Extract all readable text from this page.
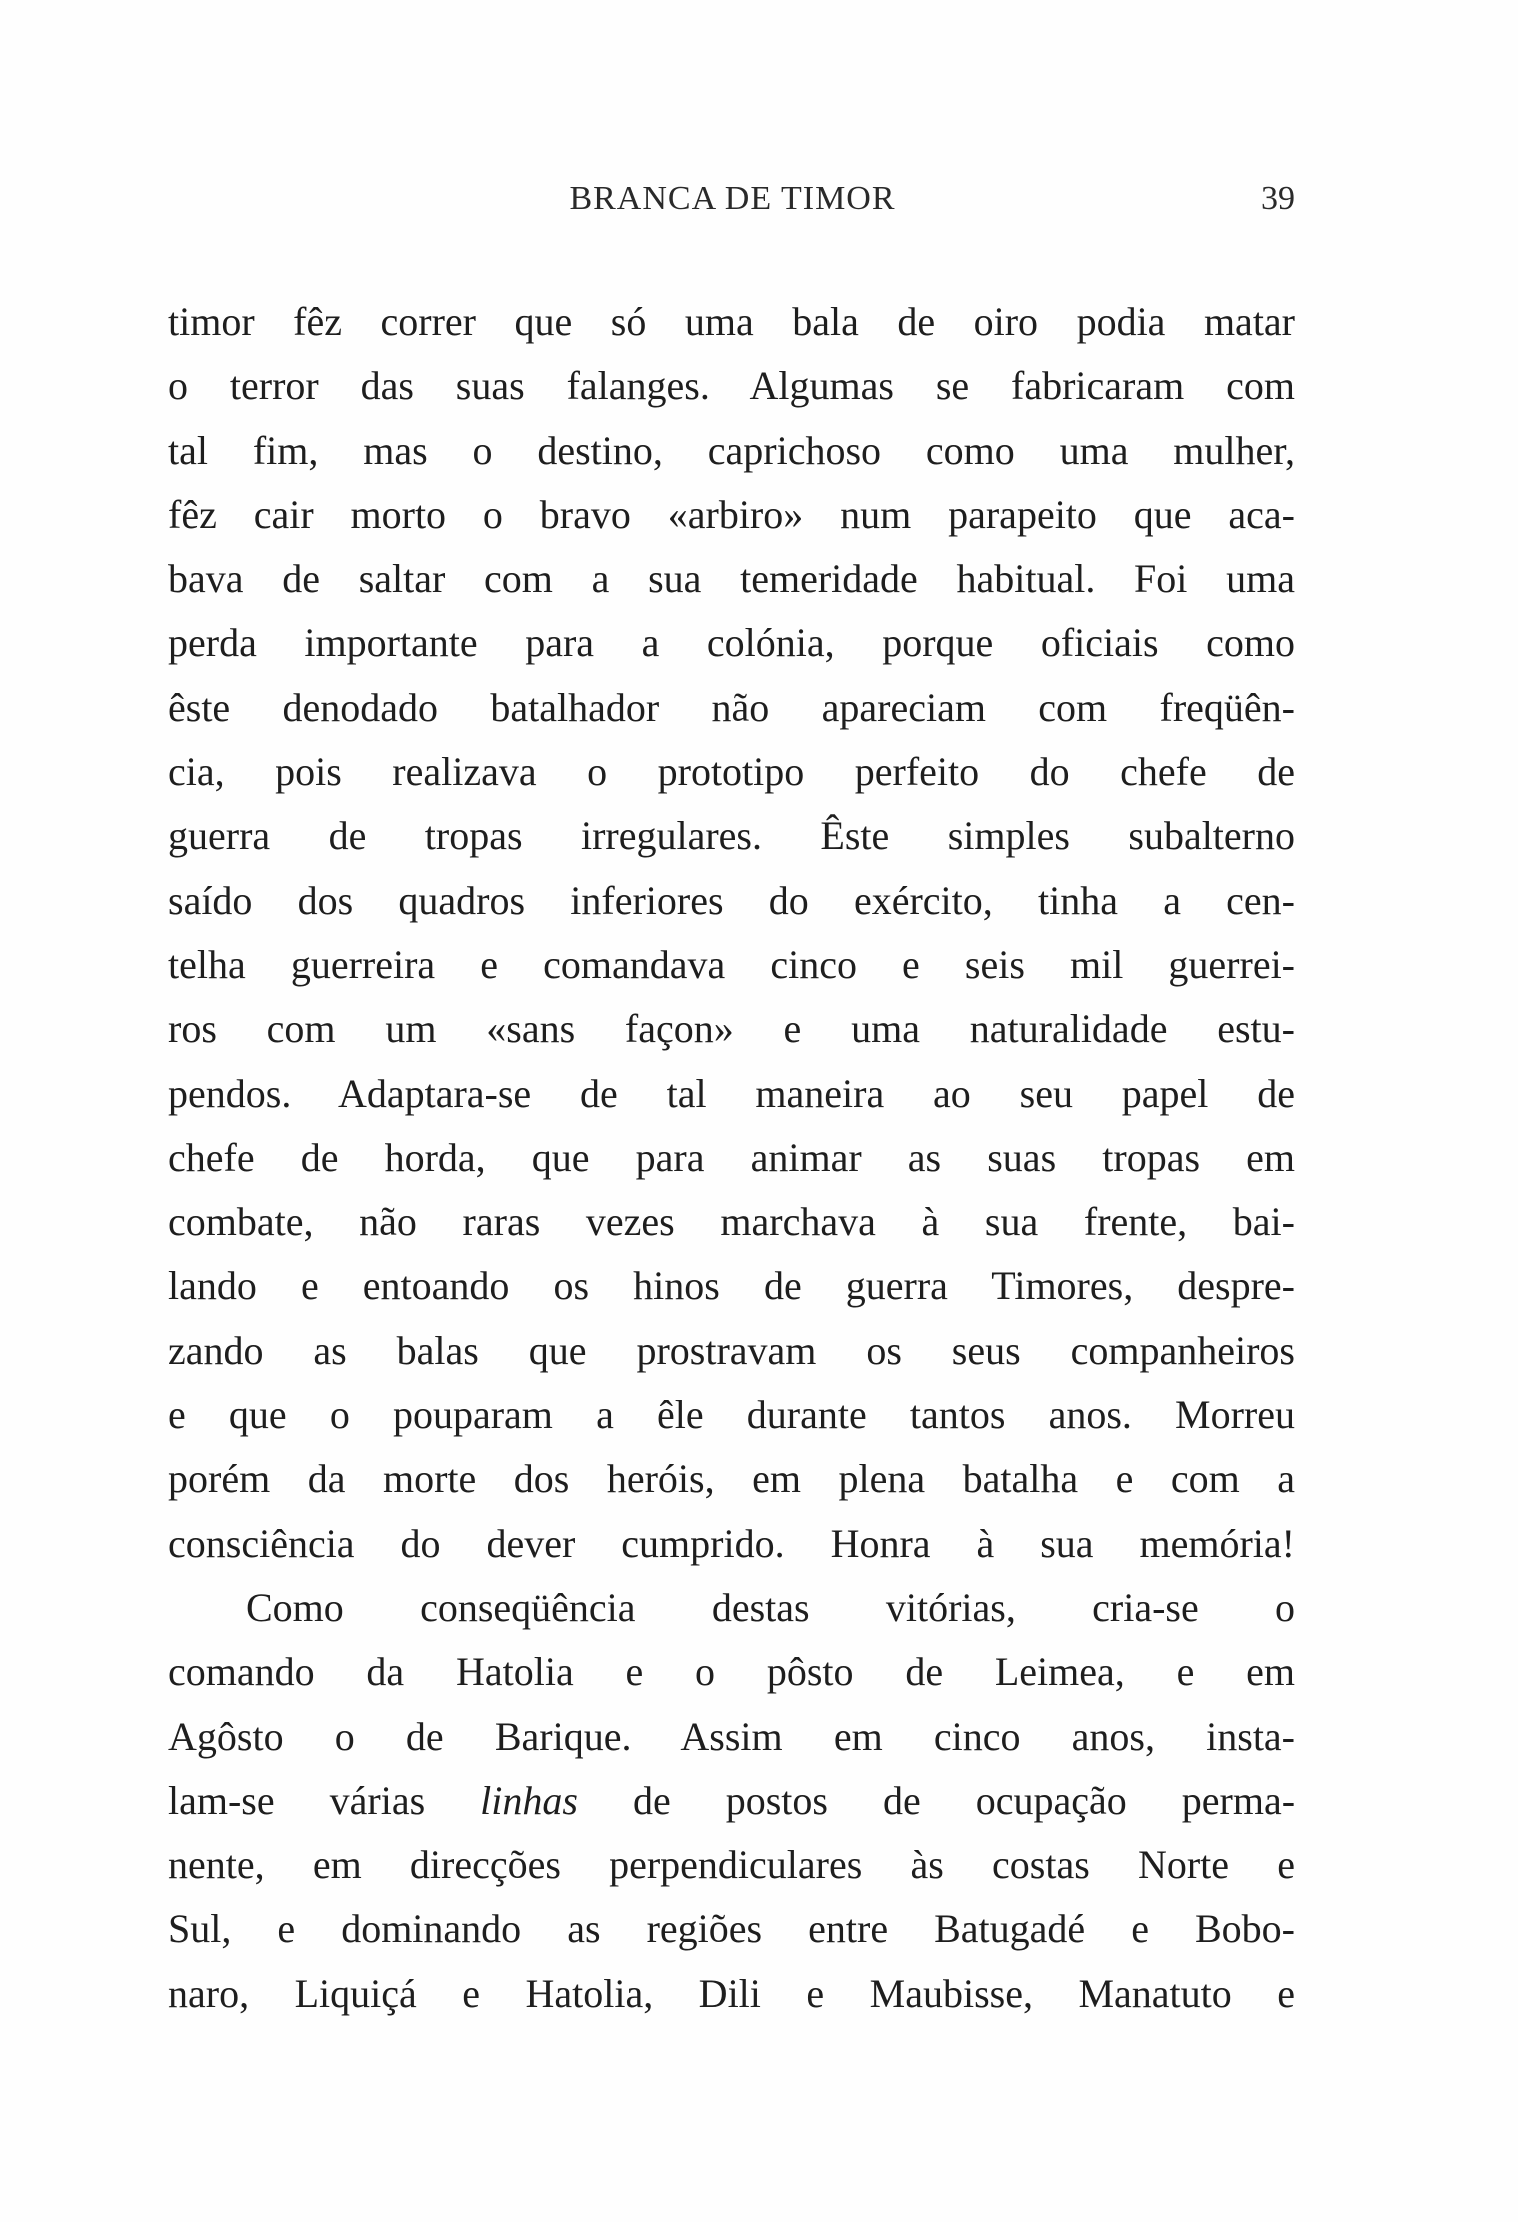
BRANCA DE TIMOR	39
timor fêz correr que só uma bala de oiro podia matar
o terror das suas falanges. Algumas se fabricaram com
tal fim, mas o destino, caprichoso como uma mulher,
fêz cair morto o bravo «arbiro» num parapeito que aca-
bava de saltar com a sua temeridade habitual. Foi uma
perda importante para a colónia, porque oficiais como
êste denodado batalhador não apareciam com freqüên-
cia, pois realizava o prototipo perfeito do chefe de
guerra de tropas irregulares. Êste simples subalterno
saído dos quadros inferiores do exército, tinha a cen-
telha guerreira e comandava cinco e seis mil guerrei-
ros com um «sans façon» e uma naturalidade estu-
pendos. Adaptara-se de tal maneira ao seu papel de
chefe de horda, que para animar as suas tropas em
combate, não raras vezes marchava à sua frente, bai-
lando e entoando os hinos de guerra Timores, despre-
zando as balas que prostravam os seus companheiros
e que o pouparam a êle durante tantos anos. Morreu
porém da morte dos heróis, em plena batalha e com a
consciência do dever cumprido. Honra à sua memória!
Como conseqüência destas vitórias, cria-se o
comando da Hatolia e o pôsto de Leimea, e em
Agôsto o de Barique. Assim em cinco anos, insta-
lam-se várias linhas de postos de ocupação perma-
nente, em direcções perpendiculares às costas Norte e
Sul, e dominando as regiões entre Batugadé e Bobo-
naro, Liquiçá e Hatolia, Dili e Maubisse, Manatuto e
